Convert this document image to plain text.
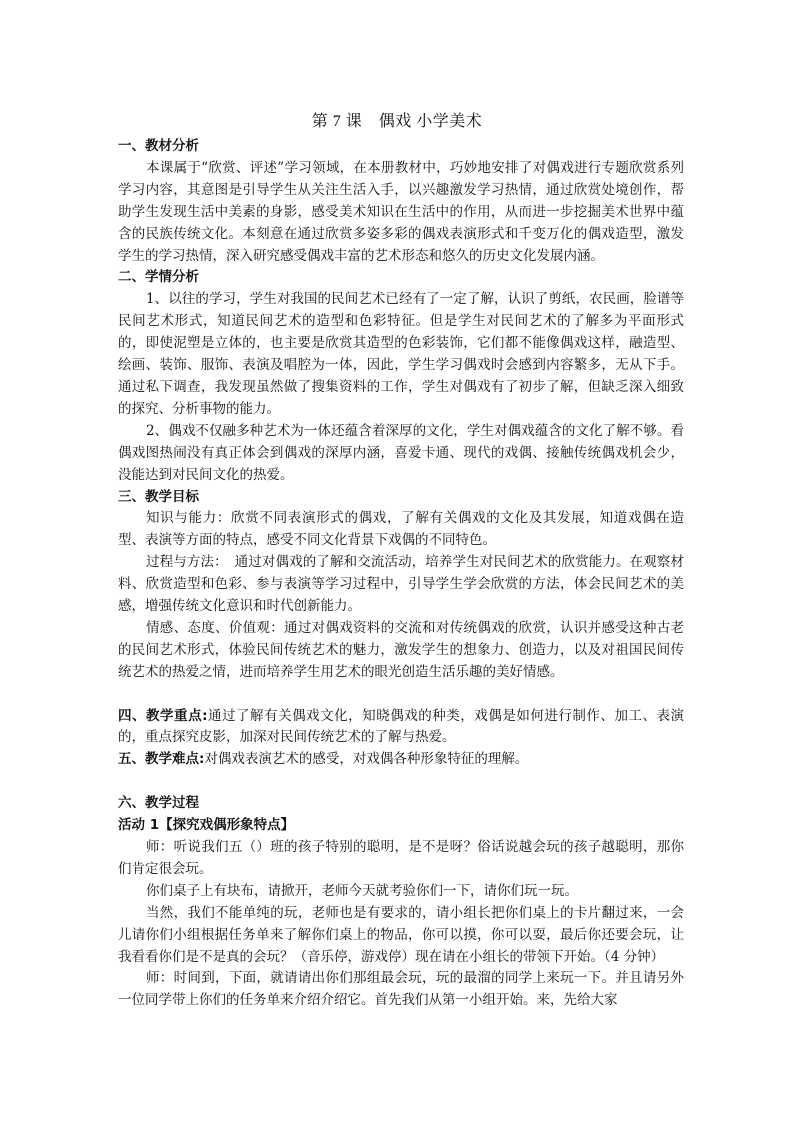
第 7 课　偶戏 小学美术

一、教材分析

本课属于“欣赏、评述”学习领域，在本册教材中，巧妙地安排了对偶戏进行专题欣赏系列学习内容，其意图是引导学生从关注生活入手，以兴趣激发学习热情，通过欣赏处境创作，帮助学生发现生活中美素的身影，感受美术知识在生活中的作用，从而进一步挖掘美术世界中蕴含的民族传统文化。本刻意在通过欣赏多姿多彩的偶戏表演形式和千变万化的偶戏造型，激发学生的学习热情，深入研究感受偶戏丰富的艺术形态和悠久的历史文化发展内涵。

二、学情分析

1、以往的学习，学生对我国的民间艺术已经有了一定了解，认识了剪纸，农民画，脸谱等民间艺术形式，知道民间艺术的造型和色彩特征。但是学生对民间艺术的了解多为平面形式的，即使泥塑是立体的，也主要是欣赏其造型的色彩装饰，它们都不能像偶戏这样，融造型、绘画、装饰、服饰、表演及唱腔为一体，因此，学生学习偶戏时会感到内容繁多，无从下手。通过私下调查，我发现虽然做了搜集资料的工作，学生对偶戏有了初步了解，但缺乏深入细致的探究、分析事物的能力。

2、偶戏不仅融多种艺术为一体还蕴含着深厚的文化，学生对偶戏蕴含的文化了解不够。看偶戏图热闹没有真正体会到偶戏的深厚内涵，喜爱卡通、现代的戏偶、接触传统偶戏机会少，没能达到对民间文化的热爱。

三、教学目标

知识与能力：欣赏不同表演形式的偶戏，了解有关偶戏的文化及其发展，知道戏偶在造型、表演等方面的特点，感受不同文化背景下戏偶的不同特色。

过程与方法：　通过对偶戏的了解和交流活动，培养学生对民间艺术的欣赏能力。在观察材料、欣赏造型和色彩、参与表演等学习过程中，引导学生学会欣赏的方法，体会民间艺术的美感，增强传统文化意识和时代创新能力。

情感、态度、价值观：通过对偶戏资料的交流和对传统偶戏的欣赏，认识并感受这种古老的民间艺术形式，体验民间传统艺术的魅力，激发学生的想象力、创造力，以及对祖国民间传统艺术的热爱之情，进而培养学生用艺术的眼光创造生活乐趣的美好情感。

四、教学重点:通过了解有关偶戏文化，知晓偶戏的种类，戏偶是如何进行制作、加工、表演的，重点探究皮影，加深对民间传统艺术的了解与热爱。

五、教学难点:对偶戏表演艺术的感受，对戏偶各种形象特征的理解。

六、教学过程

活动 1【探究戏偶形象特点】

师：听说我们五（）班的孩子特别的聪明，是不是呀？俗话说越会玩的孩子越聪明，那你们肯定很会玩。

你们桌子上有块布，请掀开，老师今天就考验你们一下，请你们玩一玩。

当然，我们不能单纯的玩，老师也是有要求的，请小组长把你们桌上的卡片翻过来，一会儿请你们小组根据任务单来了解你们桌上的物品，你可以摸，你可以耍，最后你还要会玩，让我看看你们是不是真的会玩？（音乐停，游戏停）现在请在小组长的带领下开始。（4 分钟）

师：时间到，下面，就请请出你们那组最会玩，玩的最溜的同学上来玩一下。并且请另外一位同学带上你们的任务单来介绍介绍它。首先我们从第一小组开始。来，先给大家
